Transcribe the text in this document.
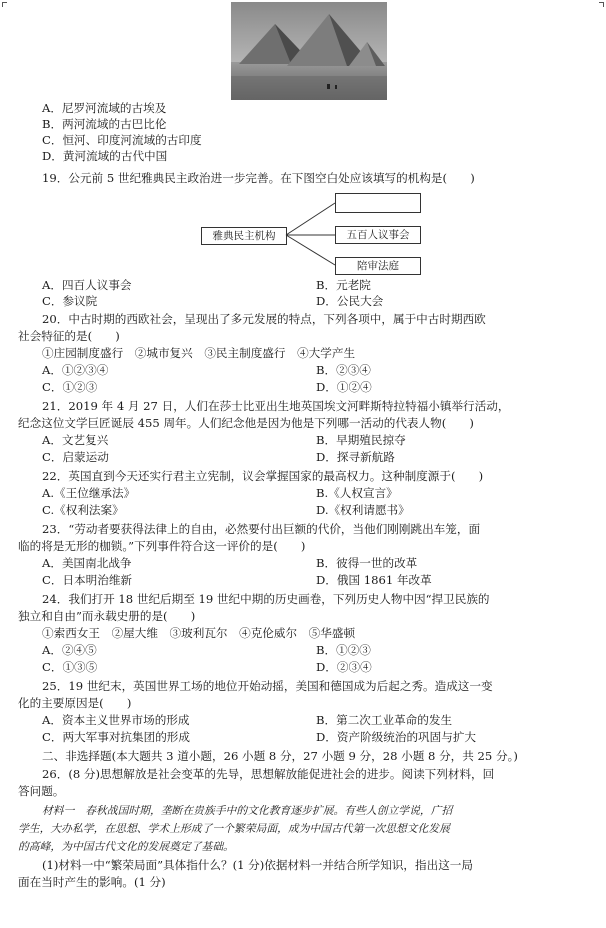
A．尼罗河流域的古埃及
B．两河流域的古巴比伦
C．恒河、印度河流域的古印度
D．黄河流域的古代中国
19．公元前 5 世纪雅典民主政治进一步完善。在下图空白处应该填写的机构是(　　)
雅典民主机构	五百人议事会
陪审法庭
A．四百人议事会	B．元老院
C．参议院	D．公民大会
20．中古时期的西欧社会，呈现出了多元发展的特点，下列各项中，属于中古时期西欧
社会特征的是(　　)
①庄园制度盛行　②城市复兴　③民主制度盛行　④大学产生
A．①②③④	B．②③④
C．①②③	D．①②④
21．2019 年 4 月 27 日，人们在莎士比亚出生地英国埃文河畔斯特拉特福小镇举行活动，
纪念这位文学巨匠诞辰 455 周年。人们纪念他是因为他是下列哪一活动的代表人物(　　)
A．文艺复兴	B．早期殖民掠夺
C．启蒙运动	D．探寻新航路
22．英国直到今天还实行君主立宪制，议会掌握国家的最高权力。这种制度源于(　　)
A.《王位继承法》	B.《人权宣言》
C.《权利法案》	D.《权利请愿书》
23．“劳动者要获得法律上的自由，必然要付出巨额的代价，当他们刚刚跳出车笼，面
临的将是无形的枷锁。”下列事件符合这一评价的是(　　)
A．美国南北战争	B．彼得一世的改革
C．日本明治维新	D．俄国 1861 年改革
24．我们打开 18 世纪后期至 19 世纪中期的历史画卷，下列历史人物中因“捍卫民族的
独立和自由”而永载史册的是(　　)
①索西女王　②屋大维　③玻利瓦尔　④克伦威尔　⑤华盛顿
A．②④⑤	B．①②③
C．①③⑤	D．②③④
25．19 世纪末，英国世界工场的地位开始动摇，美国和德国成为后起之秀。造成这一变
化的主要原因是(　　)
A．资本主义世界市场的形成	B．第二次工业革命的发生
C．两大军事对抗集团的形成	D．资产阶级统治的巩固与扩大
二、非选择题(本大题共 3 道小题，26 小题 8 分，27 小题 9 分，28 小题 8 分，共 25 分。)
26．(8 分)思想解放是社会变革的先导，思想解放能促进社会的进步。阅读下列材料，回
答问题。
材料一　春秋战国时期，垄断在贵族手中的文化教育逐步扩展。有些人创立学说，广招
学生，大办私学，在思想、学术上形成了一个繁荣局面，成为中国古代第一次思想文化发展
的高峰，为中国古代文化的发展奠定了基础。
(1)材料一中“繁荣局面”具体指什么？(1 分)依据材料一并结合所学知识，指出这一局
面在当时产生的影响。(1 分)
